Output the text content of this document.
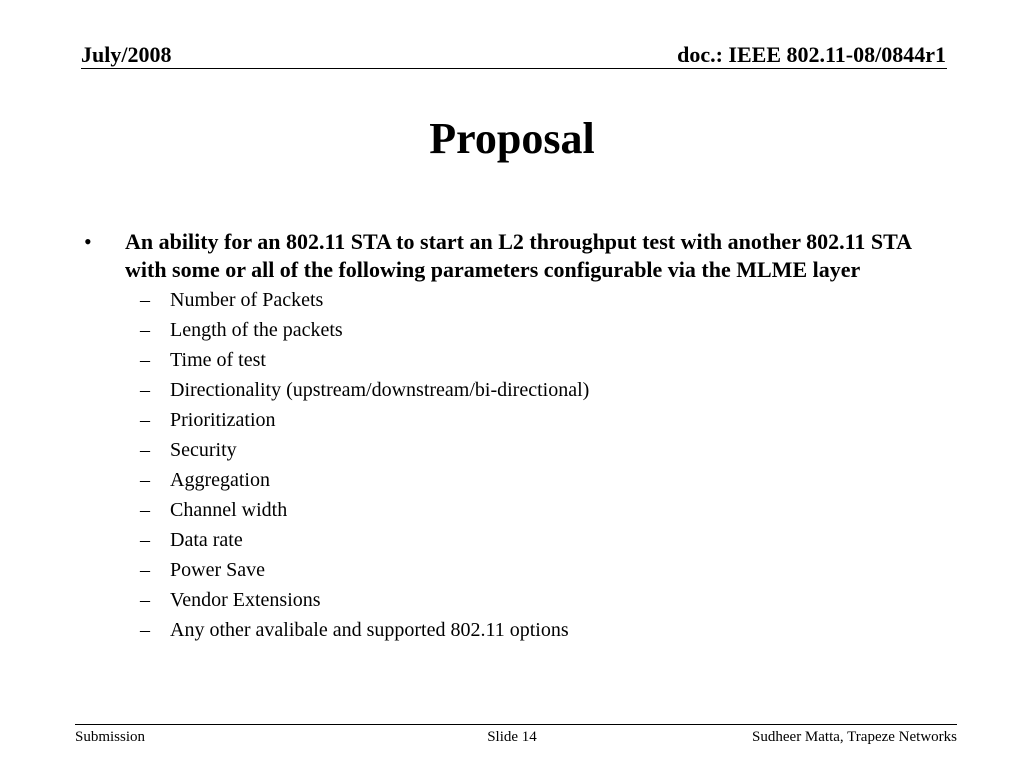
July/2008	doc.: IEEE 802.11-08/0844r1
Proposal
•	An ability for an 802.11 STA to start an L2 throughput test with another 802.11 STA with some or all of the following parameters configurable via the MLME layer
– Number of Packets
– Length of the packets
– Time of test
– Directionality (upstream/downstream/bi-directional)
– Prioritization
– Security
– Aggregation
– Channel width
– Data rate
– Power Save
– Vendor Extensions
– Any other avalibale and supported 802.11 options
Submission	Slide 14	Sudheer Matta, Trapeze Networks
